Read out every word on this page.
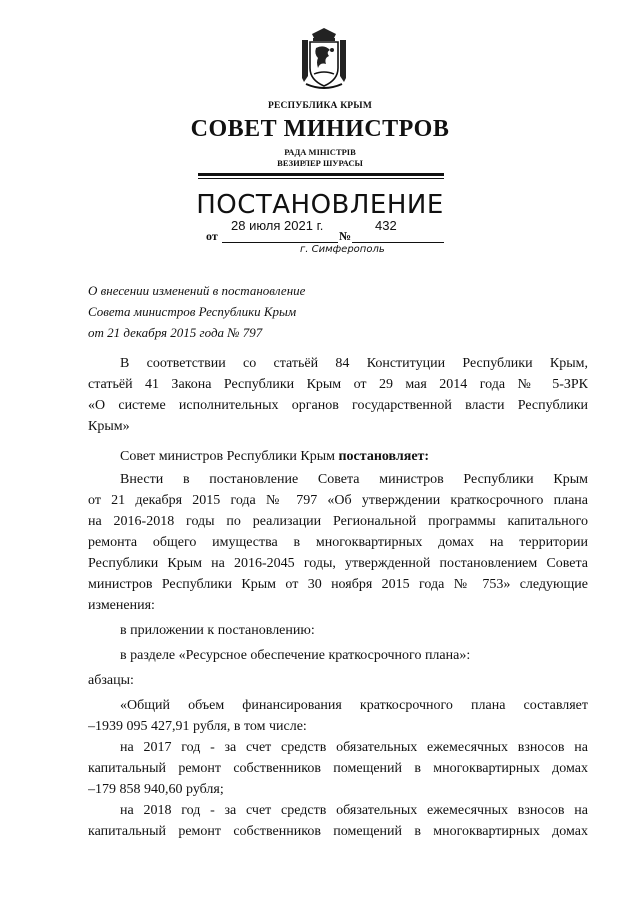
РЕСПУБЛИКА КРЫМ
СОВЕТ МИНИСТРОВ
РАДА МІНІСТРІВ
ВЕЗИРЛЕР ШУРАСЫ
ПОСТАНОВЛЕНИЕ
28 июля 2021 г.	432
от	№
г. Симферополь
О внесении изменений в постановление
Совета министров Республики Крым
от 21 декабря 2015 года № 797
В соответствии со статьёй 84 Конституции Республики Крым,
статьёй 41 Закона Республики Крым от 29 мая 2014 года № 5-ЗРК
«О системе исполнительных органов государственной власти Республики
Крым»
Совет министров Республики Крым постановляет:
Внести в постановление Совета министров Республики Крым
от 21 декабря 2015 года № 797 «Об утверждении краткосрочного плана
на 2016-2018 годы по реализации Региональной программы капитального
ремонта общего имущества в многоквартирных домах на территории
Республики Крым на 2016-2045 годы, утвержденной постановлением Совета
министров Республики Крым от 30 ноября 2015 года № 753» следующие
изменения:
в приложении к постановлению:
в разделе «Ресурсное обеспечение краткосрочного плана»:
абзацы:
«Общий объем финансирования краткосрочного плана составляет
–1939 095 427,91 рубля, в том числе:
на 2017 год - за счет средств обязательных ежемесячных взносов на
капитальный ремонт собственников помещений в многоквартирных домах
–179 858 940,60 рубля;
на 2018 год - за счет средств обязательных ежемесячных взносов на
капитальный ремонт собственников помещений в многоквартирных домах
